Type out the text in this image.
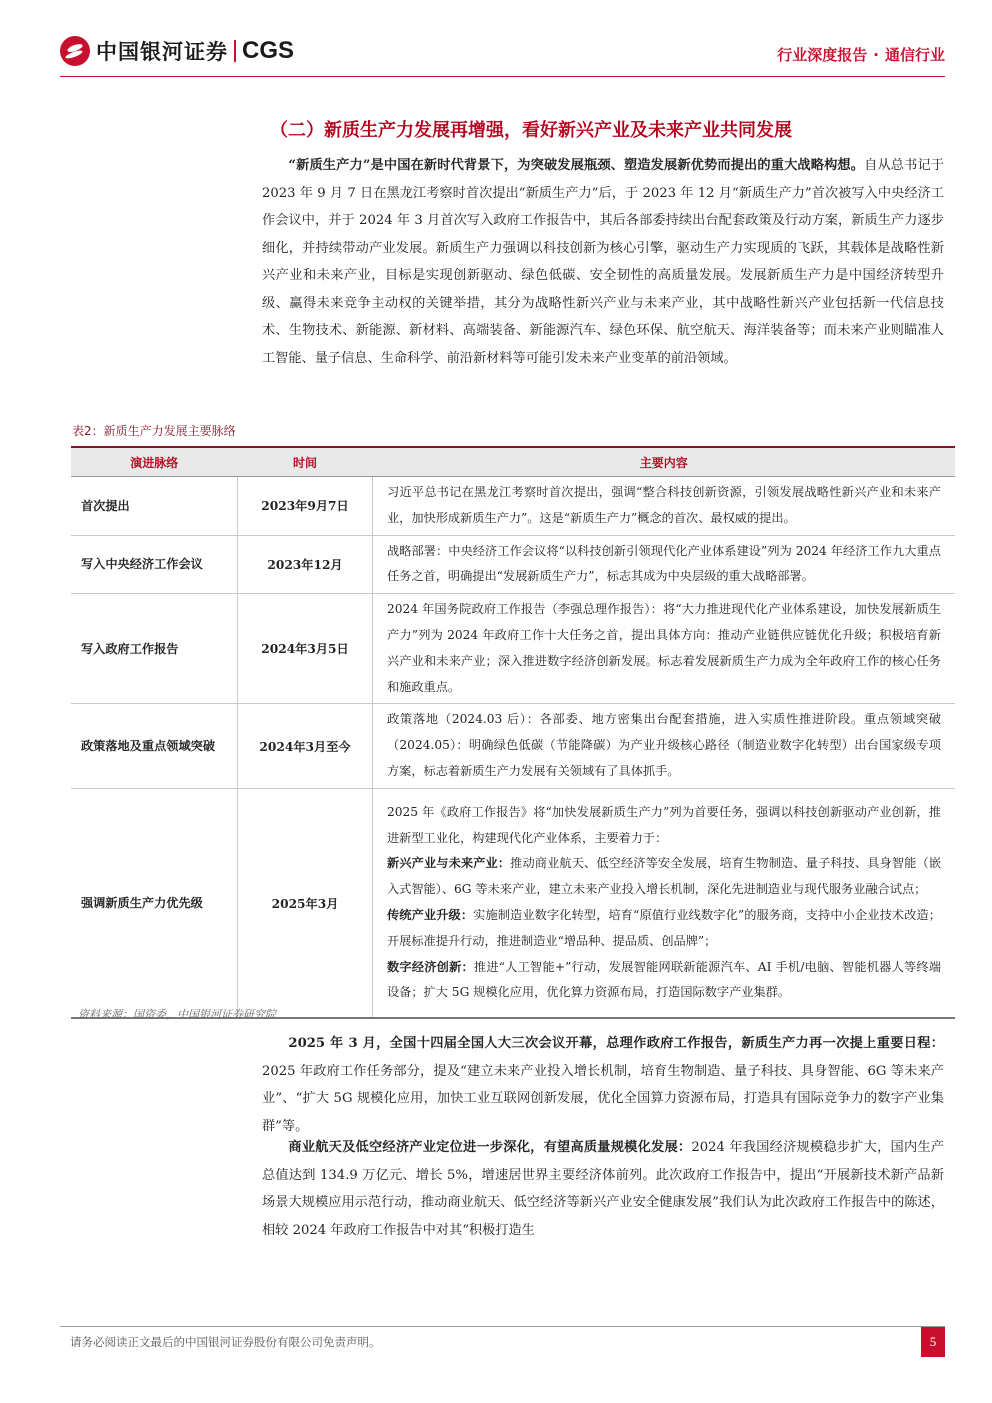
中国银河证券 CGS	行业深度报告 · 通信行业
（二）新质生产力发展再增强，看好新兴产业及未来产业共同发展
“新质生产力”是中国在新时代背景下，为突破发展瓶颈、塑造发展新优势而提出的重大战略构想。自从总书记于 2023 年 9 月 7 日在黑龙江考察时首次提出“新质生产力”后，于 2023 年 12 月“新质生产力”首次被写入中央经济工作会议中，并于 2024 年 3 月首次写入政府工作报告中，其后各部委持续出台配套政策及行动方案，新质生产力逐步细化，并持续带动产业发展。新质生产力强调以科技创新为核心引擎，驱动生产力实现质的飞跃，其载体是战略性新兴产业和未来产业，目标是实现创新驱动、绿色低碳、安全韧性的高质量发展。发展新质生产力是中国经济转型升级、赢得未来竞争主动权的关键举措，其分为战略性新兴产业与未来产业，其中战略性新兴产业包括新一代信息技术、生物技术、新能源、新材料、高端装备、新能源汽车、绿色环保、航空航天、海洋装备等；而未来产业则瞄准人工智能、量子信息、生命科学、前沿新材料等可能引发未来产业变革的前沿领域。
表2：新质生产力发展主要脉络
演进脉络	时间	主要内容
首次提出	2023年9月7日	习近平总书记在黑龙江考察时首次提出，强调“整合科技创新资源，引领发展战略性新兴产业和未来产业，加快形成新质生产力”。这是“新质生产力”概念的首次、最权威的提出。
写入中央经济工作会议	2023年12月	战略部署：中央经济工作会议将“以科技创新引领现代化产业体系建设”列为 2024 年经济工作九大重点任务之首，明确提出“发展新质生产力”，标志其成为中央层级的重大战略部署。
写入政府工作报告	2024年3月5日	2024 年国务院政府工作报告（李强总理作报告）：将“大力推进现代化产业体系建设，加快发展新质生产力”列为 2024 年政府工作十大任务之首，提出具体方向：推动产业链供应链优化升级；积极培育新兴产业和未来产业；深入推进数字经济创新发展。标志着发展新质生产力成为全年政府工作的核心任务和施政重点。
政策落地及重点领域突破	2024年3月至今	政策落地（2024.03 后）：各部委、地方密集出台配套措施，进入实质性推进阶段。重点领域突破（2024.05）：明确绿色低碳（节能降碳）为产业升级核心路径（制造业数字化转型）出台国家级专项方案，标志着新质生产力发展有关领域有了具体抓手。
强调新质生产力优先级	2025年3月	2025 年《政府工作报告》将“加快发展新质生产力”列为首要任务，强调以科技创新驱动产业创新，推进新型工业化，构建现代化产业体系，主要着力于：
新兴产业与未来产业：推动商业航天、低空经济等安全发展，培育生物制造、量子科技、具身智能（嵌入式智能）、6G 等未来产业，建立未来产业投入增长机制，深化先进制造业与现代服务业融合试点；
传统产业升级：实施制造业数字化转型，培育“原值行业线数字化”的服务商，支持中小企业技术改造；开展标准提升行动，推进制造业“增品种、提品质、创品牌”；
数字经济创新：推进“人工智能+”行动，发展智能网联新能源汽车、AI 手机/电脑、智能机器人等终端设备；扩大 5G 规模化应用，优化算力资源布局，打造国际数字产业集群。
资料来源：国资委，中国银河证券研究院
2025 年 3 月，全国十四届全国人大三次会议开幕，总理作政府工作报告，新质生产力再一次提上重要日程：2025 年政府工作任务部分，提及“建立未来产业投入增长机制，培育生物制造、量子科技、具身智能、6G 等未来产业”、“扩大 5G 规模化应用，加快工业互联网创新发展，优化全国算力资源布局，打造具有国际竞争力的数字产业集群”等。
商业航天及低空经济产业定位进一步深化，有望高质量规模化发展：2024 年我国经济规模稳步扩大，国内生产总值达到 134.9 万亿元、增长 5%，增速居世界主要经济体前列。此次政府工作报告中，提出“开展新技术新产品新场景大规模应用示范行动，推动商业航天、低空经济等新兴产业安全健康发展”我们认为此次政府工作报告中的陈述，相较 2024 年政府工作报告中对其“积极打造生
请务必阅读正文最后的中国银河证券股份有限公司免责声明。	5
